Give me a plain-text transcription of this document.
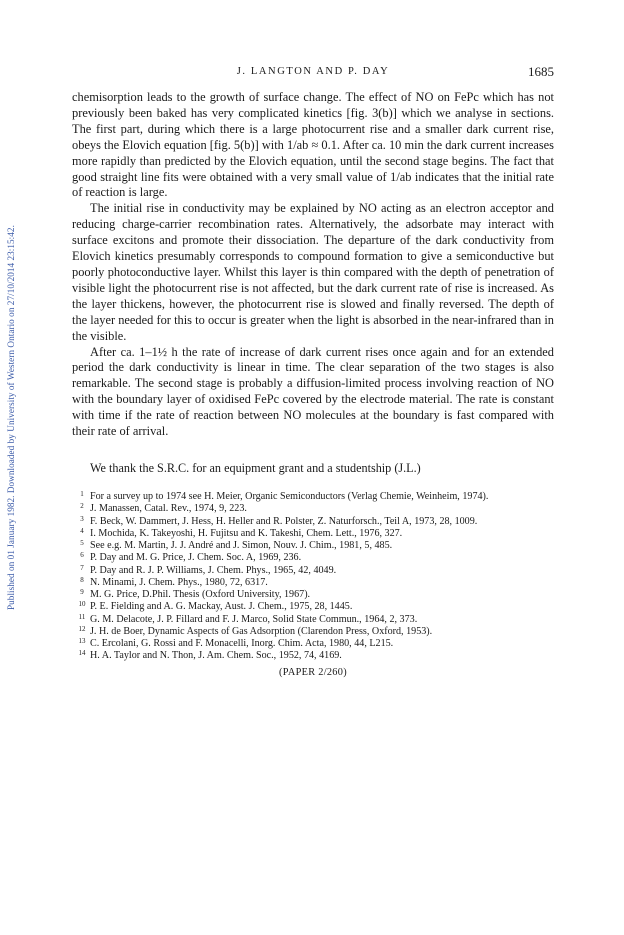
Published on 01 January 1982. Downloaded by University of Western Ontario on 27/10/2014 23:15:42.
J. LANGTON AND P. DAY	1685

chemisorption leads to the growth of surface change. The effect of NO on FePc which has not previously been baked has very complicated kinetics [fig. 3(b)] which we analyse in sections. The first part, during which there is a large photocurrent rise and a smaller dark current rise, obeys the Elovich equation [fig. 5(b)] with 1/ab ≈ 0.1. After ca. 10 min the dark current increases more rapidly than predicted by the Elovich equation, until the second stage begins. The fact that good straight line fits were obtained with a very small value of 1/ab indicates that the initial rate of reaction is large.

The initial rise in conductivity may be explained by NO acting as an electron acceptor and reducing charge-carrier recombination rates. Alternatively, the adsorbate may interact with surface excitons and promote their dissociation. The departure of the dark conductivity from Elovich kinetics presumably corresponds to compound formation to give a semiconductive but poorly photoconductive layer. Whilst this layer is thin compared with the depth of penetration of visible light the photocurrent rise is not affected, but the dark current rate of rise is increased. As the layer thickens, however, the photocurrent rise is slowed and finally reversed. The depth of the layer needed for this to occur is greater when the light is absorbed in the near-infrared than in the visible.

After ca. 1–1½ h the rate of increase of dark current rises once again and for an extended period the dark conductivity is linear in time. The clear separation of the two stages is also remarkable. The second stage is probably a diffusion-limited process involving reaction of NO with the boundary layer of oxidised FePc covered by the electrode material. The rate is constant with time if the rate of reaction between NO molecules at the boundary is fast compared with their rate of arrival.

We thank the S.R.C. for an equipment grant and a studentship (J.L.)
1 For a survey up to 1974 see H. Meier, Organic Semiconductors (Verlag Chemie, Weinheim, 1974).
2 J. Manassen, Catal. Rev., 1974, 9, 223.
3 F. Beck, W. Dammert, J. Hess, H. Heller and R. Polster, Z. Naturforsch., Teil A, 1973, 28, 1009.
4 I. Mochida, K. Takeyoshi, H. Fujitsu and K. Takeshi, Chem. Lett., 1976, 327.
5 See e.g. M. Martin, J. J. André and J. Simon, Nouv. J. Chim., 1981, 5, 485.
6 P. Day and M. G. Price, J. Chem. Soc. A, 1969, 236.
7 P. Day and R. J. P. Williams, J. Chem. Phys., 1965, 42, 4049.
8 N. Minami, J. Chem. Phys., 1980, 72, 6317.
9 M. G. Price, D.Phil. Thesis (Oxford University, 1967).
10 P. E. Fielding and A. G. Mackay, Aust. J. Chem., 1975, 28, 1445.
11 G. M. Delacote, J. P. Fillard and F. J. Marco, Solid State Commun., 1964, 2, 373.
12 J. H. de Boer, Dynamic Aspects of Gas Adsorption (Clarendon Press, Oxford, 1953).
13 C. Ercolani, G. Rossi and F. Monacelli, Inorg. Chim. Acta, 1980, 44, L215.
14 H. A. Taylor and N. Thon, J. Am. Chem. Soc., 1952, 74, 4169.
(PAPER 2/260)
